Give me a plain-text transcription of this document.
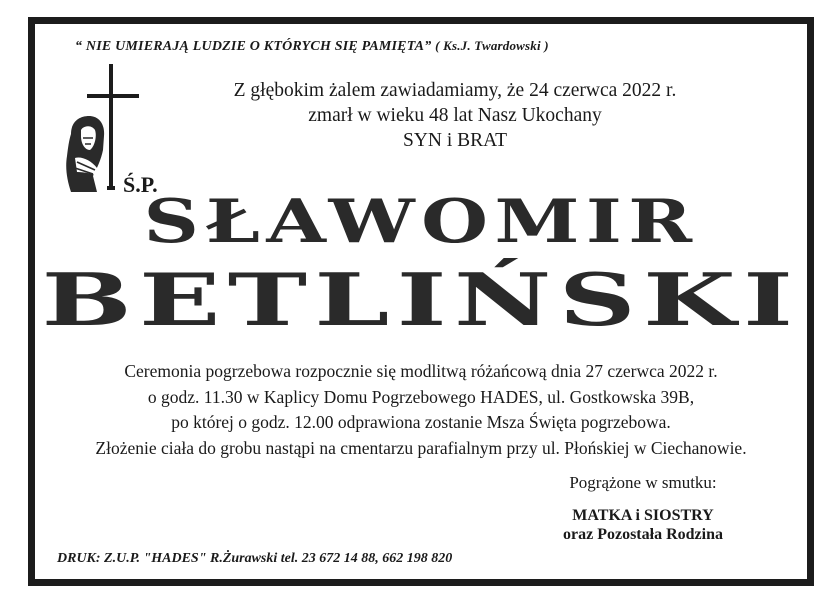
“ NIE UMIERAJĄ LUDZIE O KTÓRYCH SIĘ PAMIĘTA” ( Ks.J. Twardowski )
Ś.P.
Z głębokim żalem zawiadamiamy, że 24 czerwca 2022 r.
zmarł w wieku 48 lat Nasz Ukochany
SYN i BRAT
SŁAWOMIR
BETLIŃSKI
Ceremonia pogrzebowa rozpocznie się modlitwą różańcową dnia 27 czerwca 2022 r.
o godz. 11.30 w Kaplicy Domu Pogrzebowego HADES, ul. Gostkowska 39B,
po której o godz. 12.00 odprawiona zostanie Msza Święta pogrzebowa.
Złożenie ciała do grobu nastąpi na cmentarzu parafialnym przy ul. Płońskiej w Ciechanowie.
Pogrążone w smutku:
MATKA i SIOSTRY
oraz Pozostała Rodzina
DRUK: Z.U.P. "HADES" R.Żurawski tel. 23 672 14 88, 662 198 820
